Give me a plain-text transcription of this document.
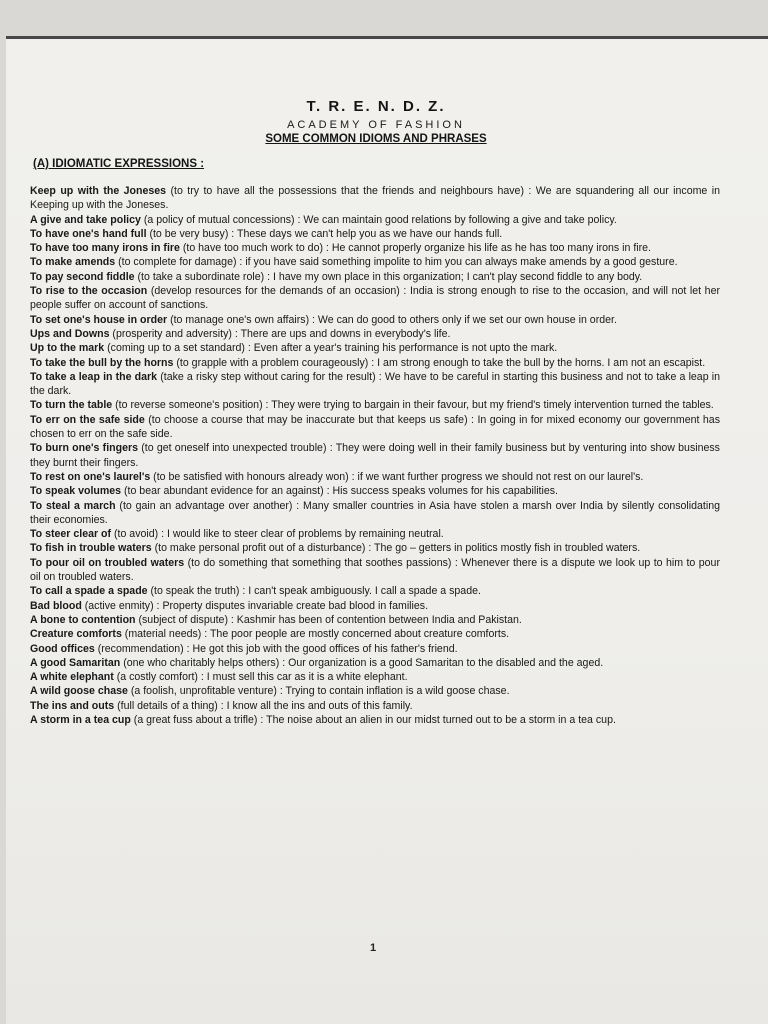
T. R. E. N. D. Z.
ACADEMY OF FASHION
SOME COMMON IDIOMS AND PHRASES
(A) IDIOMATIC EXPRESSIONS :
Keep up with the Joneses (to try to have all the possessions that the friends and neighbours have) : We are squandering all our income in Keeping up with the Joneses.
A give and take policy (a policy of mutual concessions) : We can maintain good relations by following a give and take policy.
To have one's hand full (to be very busy) : These days we can't help you as we have our hands full.
To have too many irons in fire (to have too much work to do) : He cannot properly organize his life as he has too many irons in fire.
To make amends (to complete for damage) : if you have said something impolite to him you can always make amends by a good gesture.
To pay second fiddle (to take a subordinate role) : I have my own place in this organization; I can't play second fiddle to any body.
To rise to the occasion (develop resources for the demands of an occasion) : India is strong enough to rise to the occasion, and will not let her people suffer on account of sanctions.
To set one's house in order (to manage one's own affairs) : We can do good to others only if we set our own house in order.
Ups and Downs (prosperity and adversity) : There are ups and downs in everybody's life.
Up to the mark (coming up to a set standard) : Even after a year's training his performance is not upto the mark.
To take the bull by the horns (to grapple with a problem courageously) : I am strong enough to take the bull by the horns. I am not an escapist.
To take a leap in the dark (take a risky step without caring for the result) : We have to be careful in starting this business and not to take a leap in the dark.
To turn the table (to reverse someone's position) : They were trying to bargain in their favour, but my friend's timely intervention turned the tables.
To err on the safe side (to choose a course that may be inaccurate but that keeps us safe) : In going in for mixed economy our government has chosen to err on the safe side.
To burn one's fingers (to get oneself into unexpected trouble) : They were doing well in their family business but by venturing into show business they burnt their fingers.
To rest on one's laurel's (to be satisfied with honours already won) : if we want further progress we should not rest on our laurel's.
To speak volumes (to bear abundant evidence for an against) : His success speaks volumes for his capabilities.
To steal a march (to gain an advantage over another) : Many smaller countries in Asia have stolen a marsh over India by silently consolidating their economies.
To steer clear of (to avoid) : I would like to steer clear of problems by remaining neutral.
To fish in trouble waters (to make personal profit out of a disturbance) : The go – getters in politics mostly fish in troubled waters.
To pour oil on troubled waters (to do something that something that soothes passions) : Whenever there is a dispute we look up to him to pour oil on troubled waters.
To call a spade a spade (to speak the truth) : I can't speak ambiguously. I call a spade a spade.
Bad blood (active enmity) : Property disputes invariable create bad blood in families.
A bone to contention (subject of dispute) : Kashmir has been of contention between India and Pakistan.
Creature comforts (material needs) : The poor people are mostly concerned about creature comforts.
Good offices (recommendation) : He got this job with the good offices of his father's friend.
A good Samaritan (one who charitably helps others) : Our organization is a good Samaritan to the disabled and the aged.
A white elephant (a costly comfort) : I must sell this car as it is a white elephant.
A wild goose chase (a foolish, unprofitable venture) : Trying to contain inflation is a wild goose chase.
The ins and outs (full details of a thing) : I know all the ins and outs of this family.
A storm in a tea cup (a great fuss about a trifle) : The noise about an alien in our midst turned out to be a storm in a tea cup.
1
